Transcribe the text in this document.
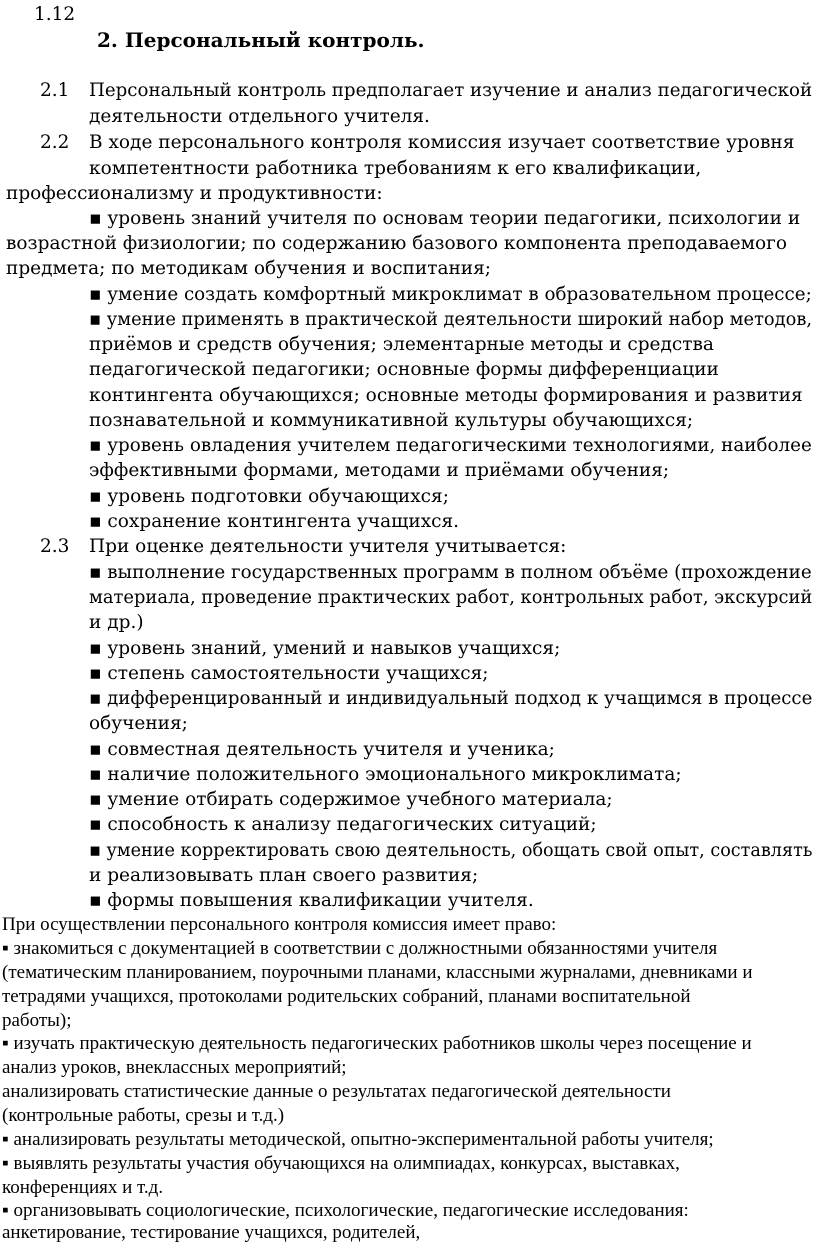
1.12
2. Персональный контроль.
2.1 Персональный контроль предполагает изучение и анализ педагогической
деятельности отдельного учителя.
2.2 В ходе персонального контроля комиссия изучает соответствие уровня
компетентности работника требованиям к его квалификации,
профессионализму и продуктивности:
▪ уровень знаний учителя по основам теории педагогики, психологии и
возрастной физиологии; по содержанию базового компонента преподаваемого
предмета; по методикам обучения и воспитания;
▪ умение создать комфортный микроклимат в образовательном процессе;
▪ умение применять в практической деятельности широкий набор методов,
приёмов и средств обучения; элементарные методы и средства
педагогической педагогики; основные формы дифференциации
контингента обучающихся; основные методы формирования и развития
познавательной и коммуникативной культуры обучающихся;
▪ уровень овладения учителем педагогическими технологиями, наиболее
эффективными формами, методами и приёмами обучения;
▪ уровень подготовки обучающихся;
▪ сохранение контингента учащихся.
2.3 При оценке деятельности учителя учитывается:
▪ выполнение государственных программ в полном объёме (прохождение
материала, проведение практических работ, контрольных работ, экскурсий
и др.)
▪ уровень знаний, умений и навыков учащихся;
▪ степень самостоятельности учащихся;
▪ дифференцированный и индивидуальный подход к учащимся в процессе
обучения;
▪ совместная деятельность учителя и ученика;
▪ наличие положительного эмоционального микроклимата;
▪ умение отбирать содержимое учебного материала;
▪ способность к анализу педагогических ситуаций;
▪ умение корректировать свою деятельность, обощать свой опыт, составлять
и реализовывать план своего развития;
▪ формы повышения квалификации учителя.
При осуществлении персонального контроля комиссия имеет право:
▪ знакомиться с документацией в соответствии с должностными обязанностями учителя
(тематическим планированием, поурочными планами, классными журналами, дневниками и
тетрадями учащихся, протоколами родительских собраний, планами воспитательной
работы);
▪ изучать практическую деятельность педагогических работников школы через посещение и
анализ уроков, внеклассных мероприятий;
анализировать статистические данные о результатах педагогической деятельности
(контрольные работы, срезы и т.д.)
▪ анализировать результаты методической, опытно-экспериментальной работы учителя;
▪ выявлять результаты участия обучающихся на олимпиадах, конкурсах, выставках,
конференциях и т.д.
▪ организовывать социологические, психологические, педагогические исследования:
анкетирование, тестирование учащихся, родителей,
